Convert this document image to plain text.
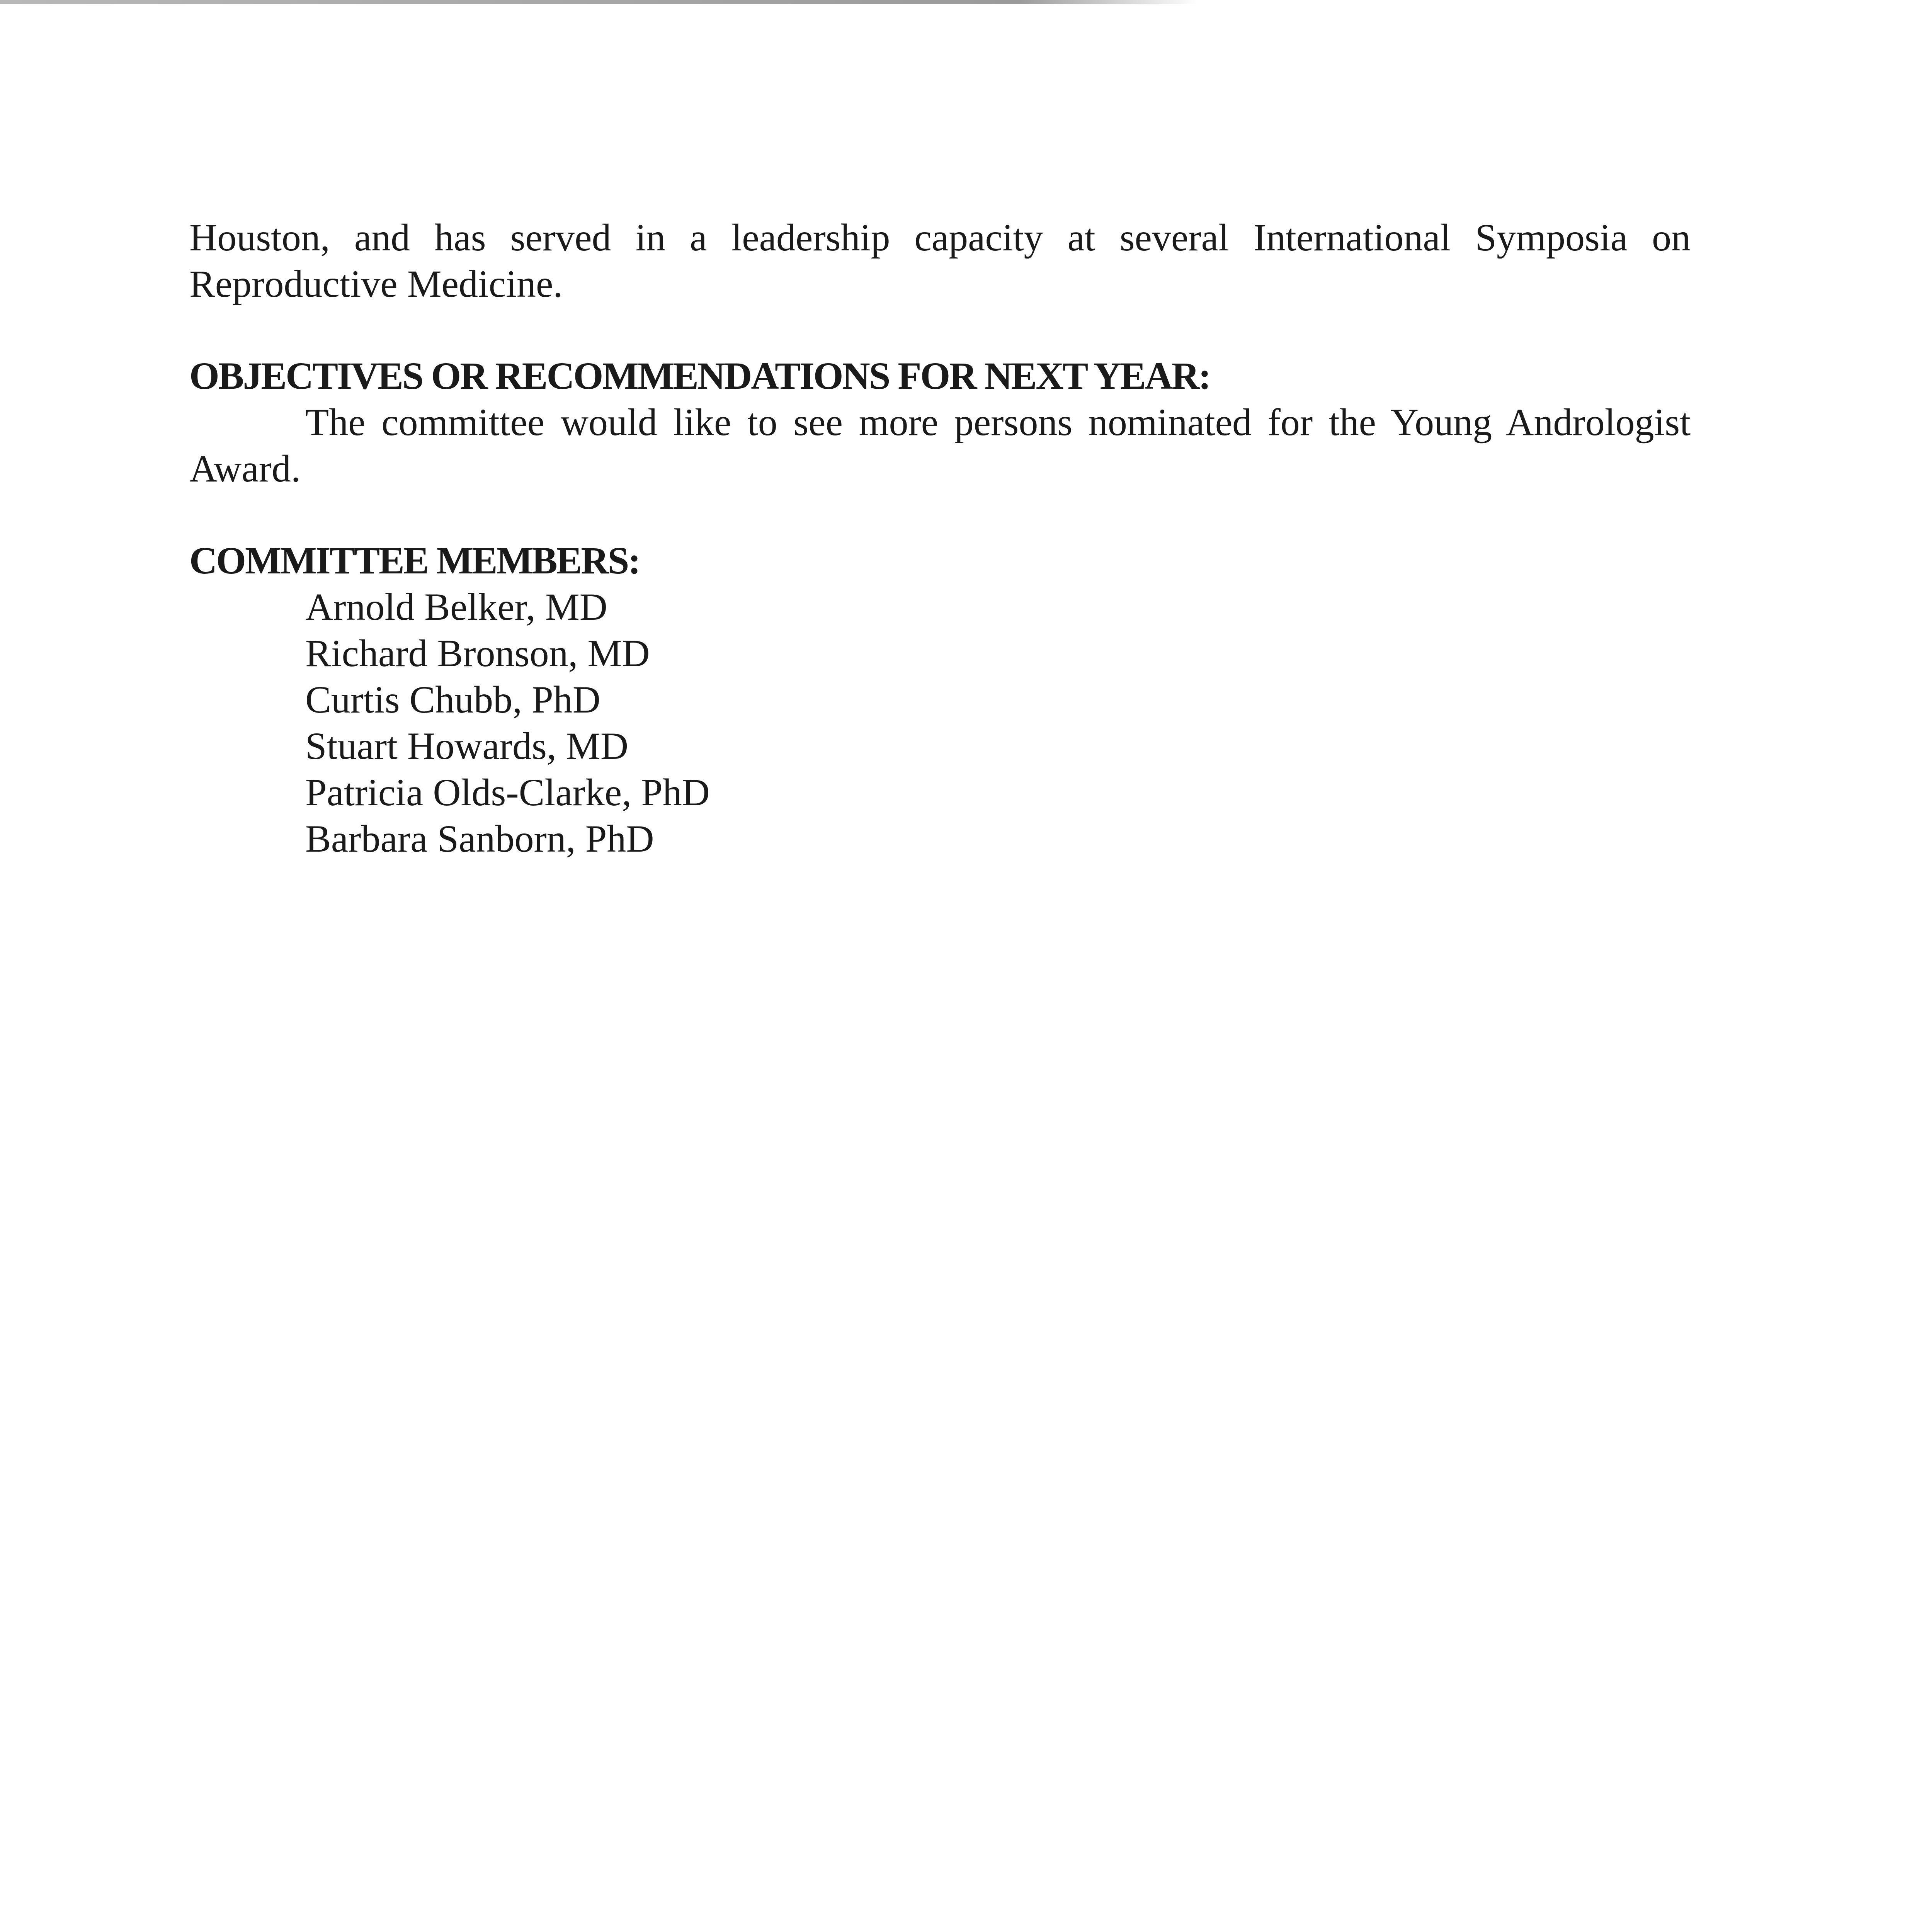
Houston, and has served in a leadership capacity at several International Symposia on Reproductive Medicine.

OBJECTIVES OR RECOMMENDATIONS FOR NEXT YEAR:

The committee would like to see more persons nominated for the Young Andrologist Award.

COMMITTEE MEMBERS:
Arnold Belker, MD
Richard Bronson, MD
Curtis Chubb, PhD
Stuart Howards, MD
Patricia Olds-Clarke, PhD
Barbara Sanborn, PhD
